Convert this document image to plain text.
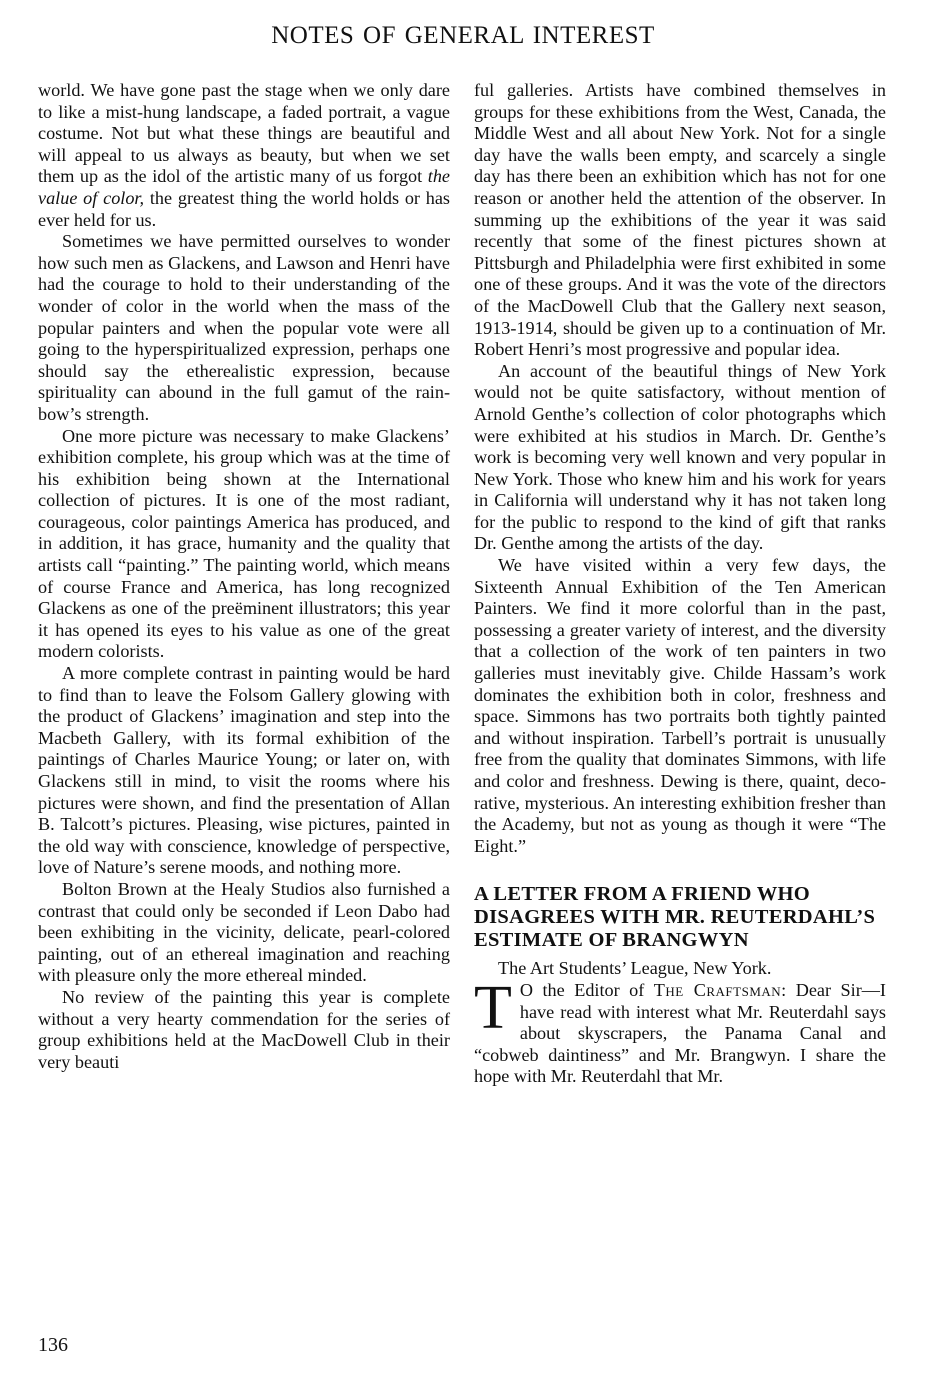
NOTES OF GENERAL INTEREST

world. We have gone past the stage when we only dare to like a mist-hung landscape, a faded portrait, a vague costume. Not but what these things are beautiful and will appeal to us always as beauty, but when we set them up as the idol of the artistic many of us forgot the value of color, the greatest thing the world holds or has ever held for us.

Sometimes we have permitted ourselves to wonder how such men as Glackens, and Lawson and Henri have had the courage to hold to their understanding of the wonder of color in the world when the mass of the popular painters and when the popular vote were all going to the hyperspiritualized expression, perhaps one should say the etherealistic expression, because spirituality can abound in the full gamut of the rainbow’s strength.

One more picture was necessary to make Glackens’ exhibition complete, his group which was at the time of his exhibition being shown at the International collection of pictures. It is one of the most radiant, courageous, color paintings America has produced, and in addition, it has grace, humanity and the quality that artists call “painting.” The painting world, which means of course France and America, has long recognized Glackens as one of the preëminent illustrators; this year it has opened its eyes to his value as one of the great modern colorists.

A more complete contrast in painting would be hard to find than to leave the Folsom Gallery glowing with the product of Glackens’ imagination and step into the Macbeth Gallery, with its formal exhibition of the paintings of Charles Maurice Young; or later on, with Glackens still in mind, to visit the rooms where his pictures were shown, and find the presentation of Allan B. Talcott’s pictures. Pleasing, wise pictures, painted in the old way with conscience, knowledge of perspective, love of Nature’s serene moods, and nothing more.

Bolton Brown at the Healy Studios also furnished a contrast that could only be seconded if Leon Dabo had been exhibiting in the vicinity, delicate, pearl-colored painting, out of an ethereal imagination and reaching with pleasure only the more ethereal minded.

No review of the painting this year is complete without a very hearty commendation for the series of group exhibitions held at the MacDowell Club in their very beauti

ful galleries. Artists have combined themselves in groups for these exhibitions from the West, Canada, the Middle West and all about New York. Not for a single day have the walls been empty, and scarcely a single day has there been an exhibition which has not for one reason or another held the attention of the observer. In summing up the exhibitions of the year it was said recently that some of the finest pictures shown at Pittsburgh and Philadelphia were first exhibited in some one of these groups. And it was the vote of the directors of the MacDowell Club that the Gallery next season, 1913-1914, should be given up to a continuation of Mr. Robert Henri’s most progressive and popular idea.

An account of the beautiful things of New York would not be quite satisfactory, without mention of Arnold Genthe’s collection of color photographs which were exhibited at his studios in March. Dr. Genthe’s work is becoming very well known and very popular in New York. Those who knew him and his work for years in California will understand why it has not taken long for the public to respond to the kind of gift that ranks Dr. Genthe among the artists of the day.

We have visited within a very few days, the Sixteenth Annual Exhibition of the Ten American Painters. We find it more colorful than in the past, possessing a greater variety of interest, and the diversity that a collection of the work of ten painters in two galleries must inevitably give. Childe Hassam’s work dominates the exhibition both in color, freshness and space. Simmons has two portraits both tightly painted and without inspiration. Tarbell’s portrait is unusually free from the quality that dominates Simmons, with life and color and freshness. Dewing is there, quaint, decorative, mysterious. An interesting exhibition fresher than the Academy, but not as young as though it were “The Eight.”

A LETTER FROM A FRIEND WHO DISAGREES WITH MR. REUTERDAHL’S ESTIMATE OF BRANGWYN

The Art Students’ League, New York.

T O the Editor of The Craftsman: Dear Sir—I have read with interest what Mr. Reuterdahl says about skyscrapers, the Panama Canal and “cobweb daintiness” and Mr. Brangwyn. I share the hope with Mr. Reuterdahl that Mr.

136
